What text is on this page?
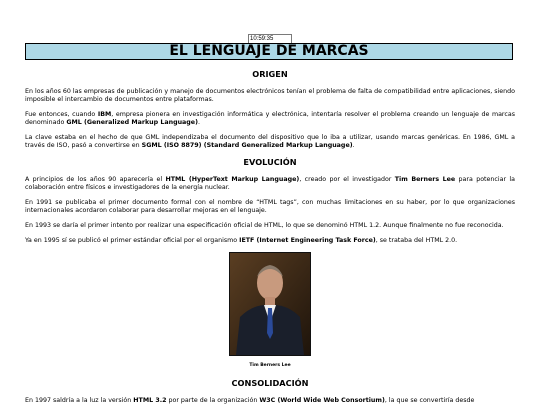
10:59:35
EL LENGUAJE DE MARCAS
ORIGEN

En los años 60 las empresas de publicación y manejo de documentos electrónicos tenían el problema de falta de compatibilidad entre aplicaciones, siendo imposible el intercambio de documentos entre plataformas.

Fue entonces, cuando IBM, empresa pionera en investigación informática y electrónica, intentaría resolver el problema creando un lenguaje de marcas denominado GML (Generalized Markup Language).

La clave estaba en el hecho de que GML independizaba el documento del dispositivo que lo iba a utilizar, usando marcas genéricas. En 1986, GML a través de ISO, pasó a convertirse en SGML (ISO 8879) (Standard Generalized Markup Language).

EVOLUCIÓN

A principios de los años 90 aparecería el HTML (HyperText Markup Language), creado por el investigador Tim Berners Lee para potenciar la colaboración entre físicos e investigadores de la energía nuclear.

En 1991 se publicaba el primer documento formal con el nombre de “HTML tags”, con muchas limitaciones en su haber, por lo que organizaciones internacionales acordaron colaborar para desarrollar mejoras en el lenguaje.

En 1993 se daría el primer intento por realizar una especificación oficial de HTML, lo que se denominó HTML 1.2. Aunque finalmente no fue reconocida.

Ya en 1995 sí se publicó el primer estándar oficial por el organismo IETF (Internet Engineering Task Force), se trataba del HTML 2.0.

Tim Berners Lee
CONSOLIDACIÓN

En 1997 saldría a la luz la versión HTML 3.2 por parte de la organización W3C (World Wide Web Consortium), la que se convertiría desde
